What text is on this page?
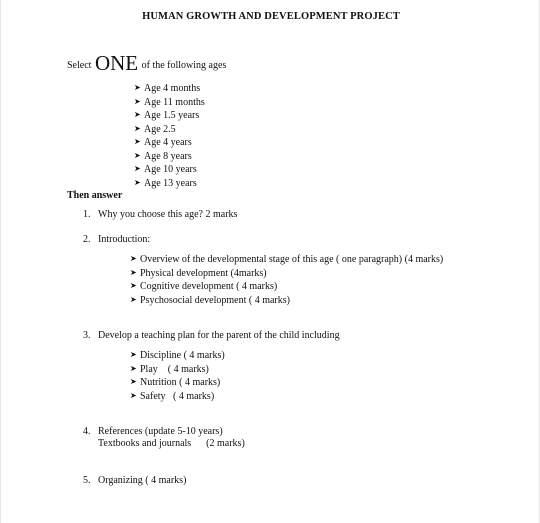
HUMAN GROWTH AND DEVELOPMENT PROJECT
Select ONE of the following ages
➤ Age 4 months
➤ Age 11 months
➤ Age 1.5 years
➤ Age 2.5
➤ Age 4 years
➤ Age 8 years
➤ Age 10 years
➤ Age 13 years
Then answer
1. Why you choose this age? 2 marks
2. Introduction:
➤ Overview of the developmental stage of this age ( one paragraph) (4 marks)
➤ Physical development (4marks)
➤ Cognitive development ( 4 marks)
➤ Psychosocial development ( 4 marks)
3. Develop a teaching plan for the parent of the child including
➤ Discipline ( 4 marks)
➤ Play    ( 4 marks)
➤ Nutrition ( 4 marks)
➤ Safety   ( 4 marks)
4. References (update 5-10 years)
Textbooks and journals      (2 marks)
5. Organizing ( 4 marks)
